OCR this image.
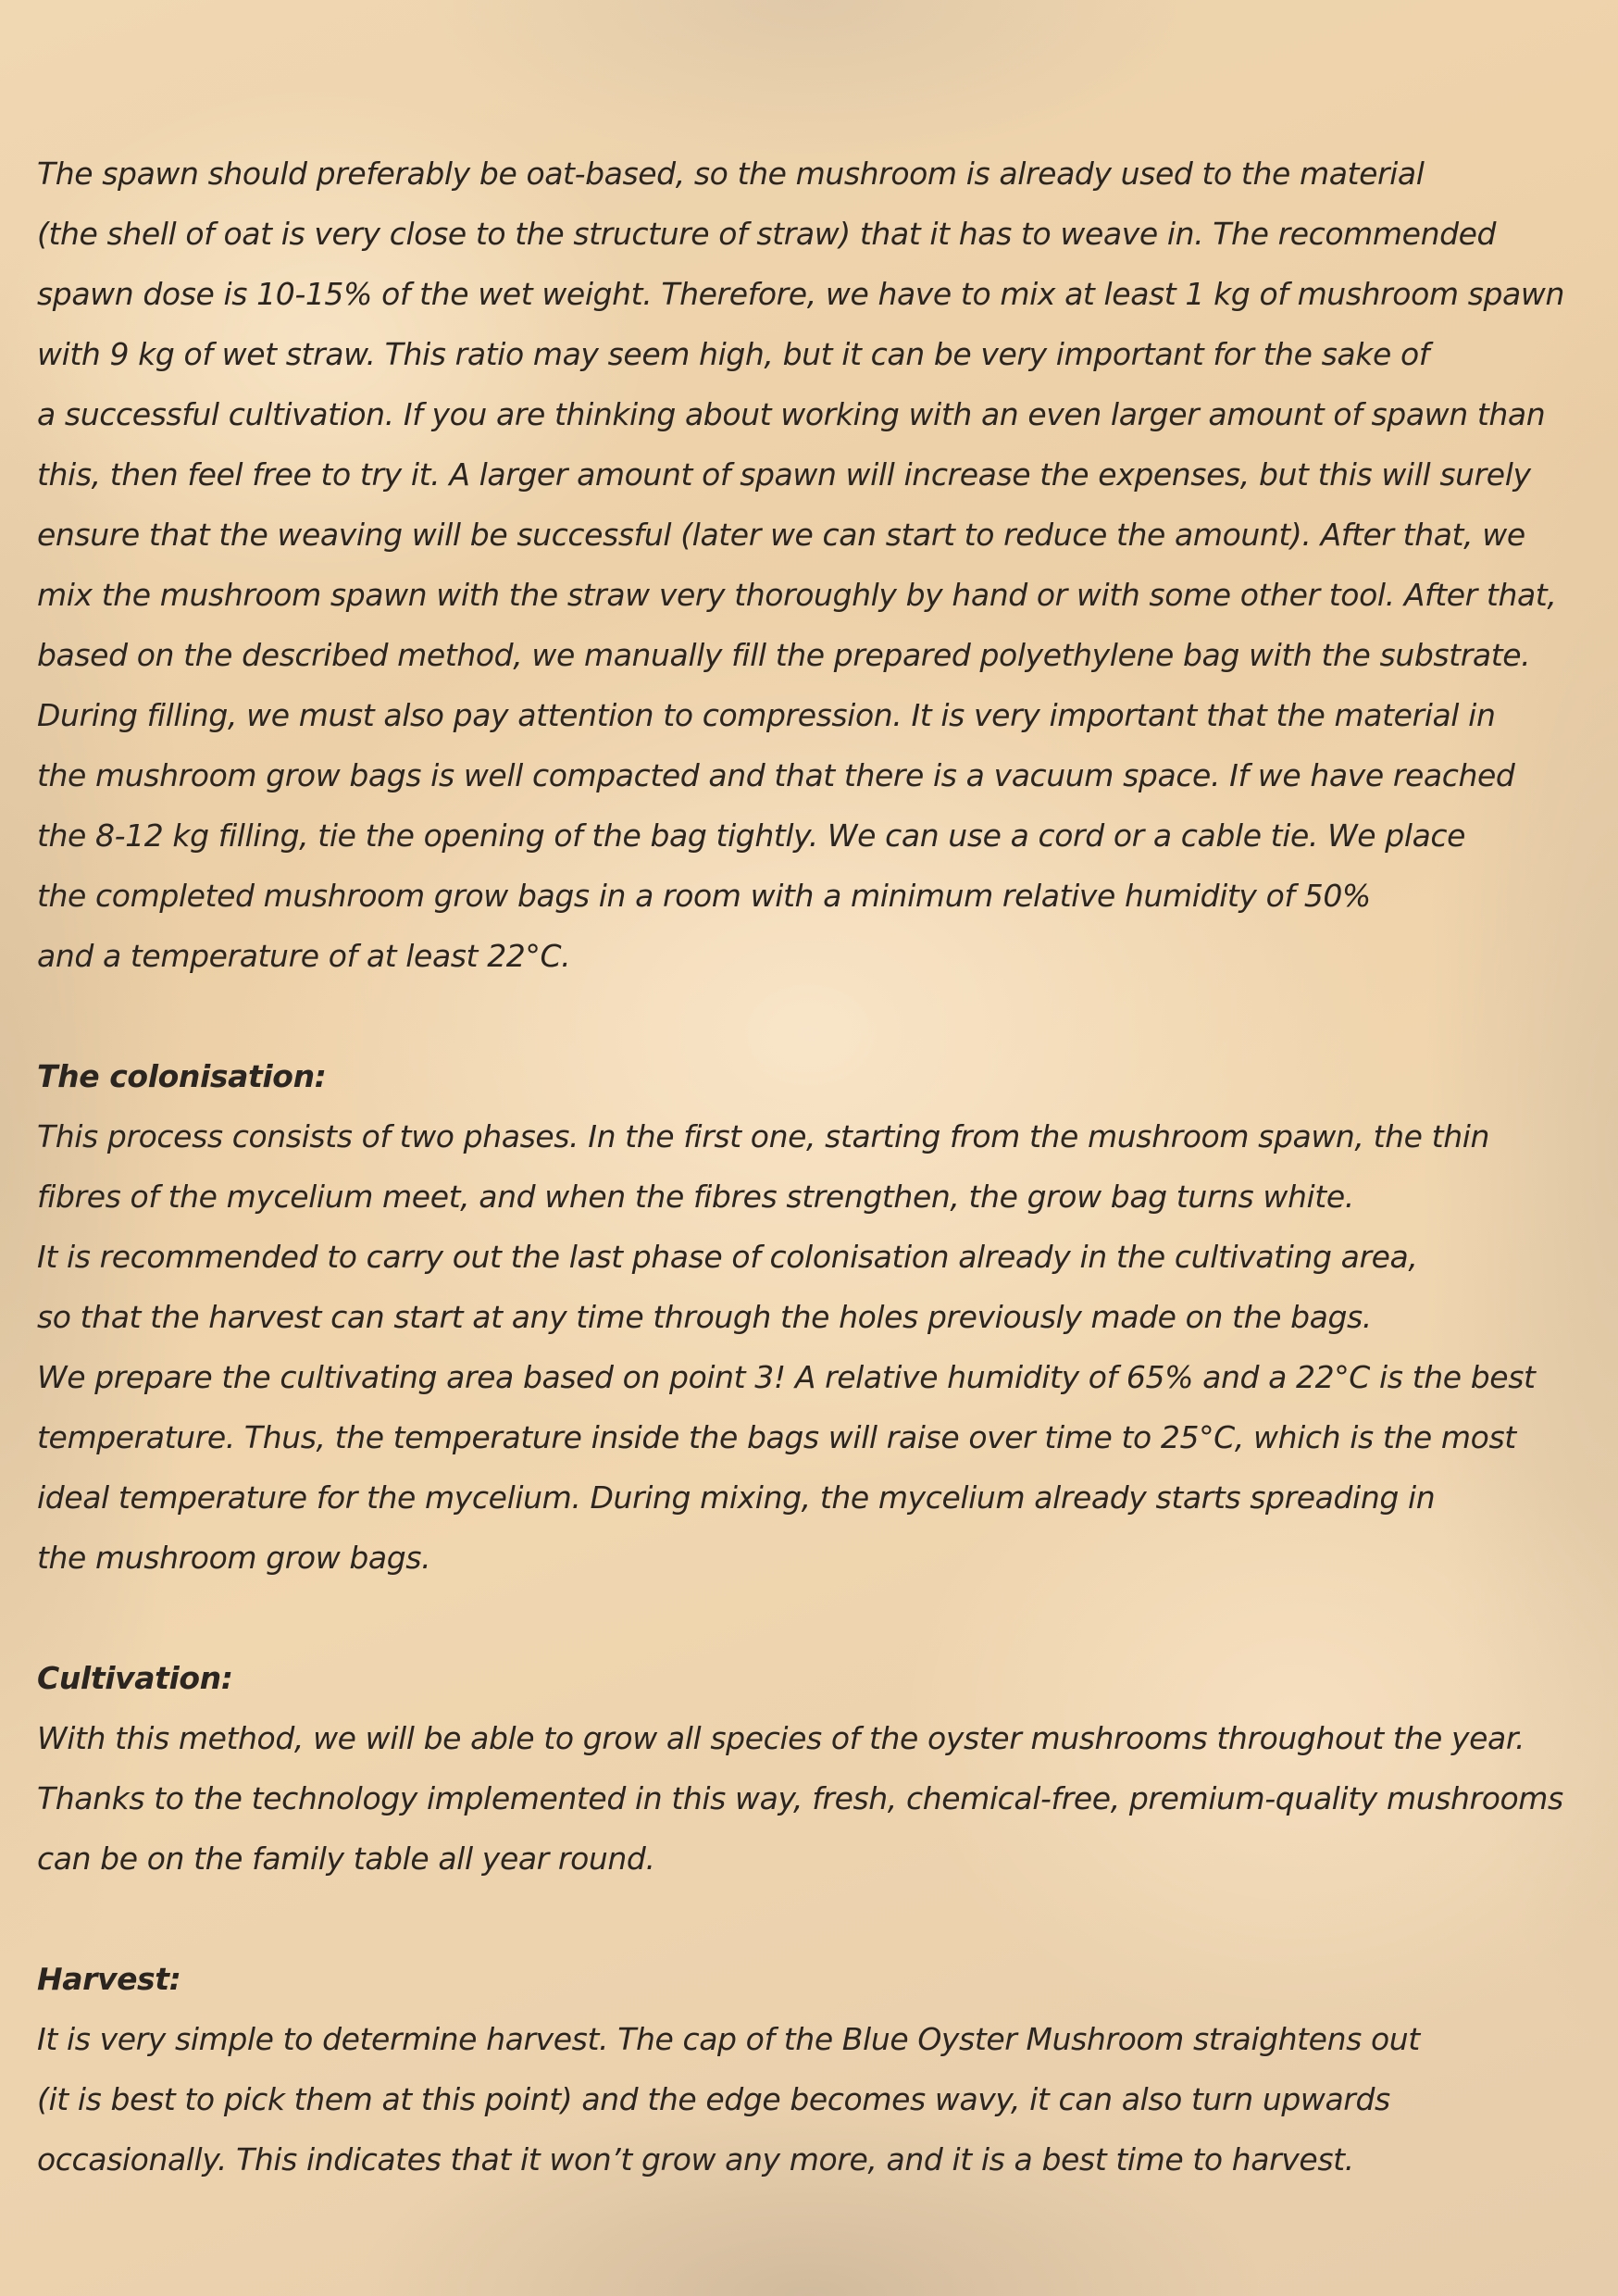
The spawn should preferably be oat-based, so the mushroom is already used to the material
(the shell of oat is very close to the structure of straw) that it has to weave in. The recommended
spawn dose is 10-15% of the wet weight. Therefore, we have to mix at least 1 kg of mushroom spawn
with 9 kg of wet straw. This ratio may seem high, but it can be very important for the sake of
a successful cultivation. If you are thinking about working with an even larger amount of spawn than
this, then feel free to try it. A larger amount of spawn will increase the expenses, but this will surely
ensure that the weaving will be successful (later we can start to reduce the amount). After that, we
mix the mushroom spawn with the straw very thoroughly by hand or with some other tool. After that,
based on the described method, we manually fill the prepared polyethylene bag with the substrate.
During filling, we must also pay attention to compression. It is very important that the material in
the mushroom grow bags is well compacted and that there is a vacuum space. If we have reached
the 8-12 kg filling, tie the opening of the bag tightly. We can use a cord or a cable tie. We place
the completed mushroom grow bags in a room with a minimum relative humidity of 50%
and a temperature of at least 22°C.
The colonisation:
This process consists of two phases. In the first one, starting from the mushroom spawn, the thin
fibres of the mycelium meet, and when the fibres strengthen, the grow bag turns white.
It is recommended to carry out the last phase of colonisation already in the cultivating area,
so that the harvest can start at any time through the holes previously made on the bags.
We prepare the cultivating area based on point 3! A relative humidity of 65% and a 22°C is the best
temperature. Thus, the temperature inside the bags will raise over time to 25°C, which is the most
ideal temperature for the mycelium. During mixing, the mycelium already starts spreading in
the mushroom grow bags.
Cultivation:
With this method, we will be able to grow all species of the oyster mushrooms throughout the year.
Thanks to the technology implemented in this way, fresh, chemical-free, premium-quality mushrooms
can be on the family table all year round.
Harvest:
It is very simple to determine harvest. The cap of the Blue Oyster Mushroom straightens out
(it is best to pick them at this point) and the edge becomes wavy, it can also turn upwards
occasionally. This indicates that it won’t grow any more, and it is a best time to harvest.
